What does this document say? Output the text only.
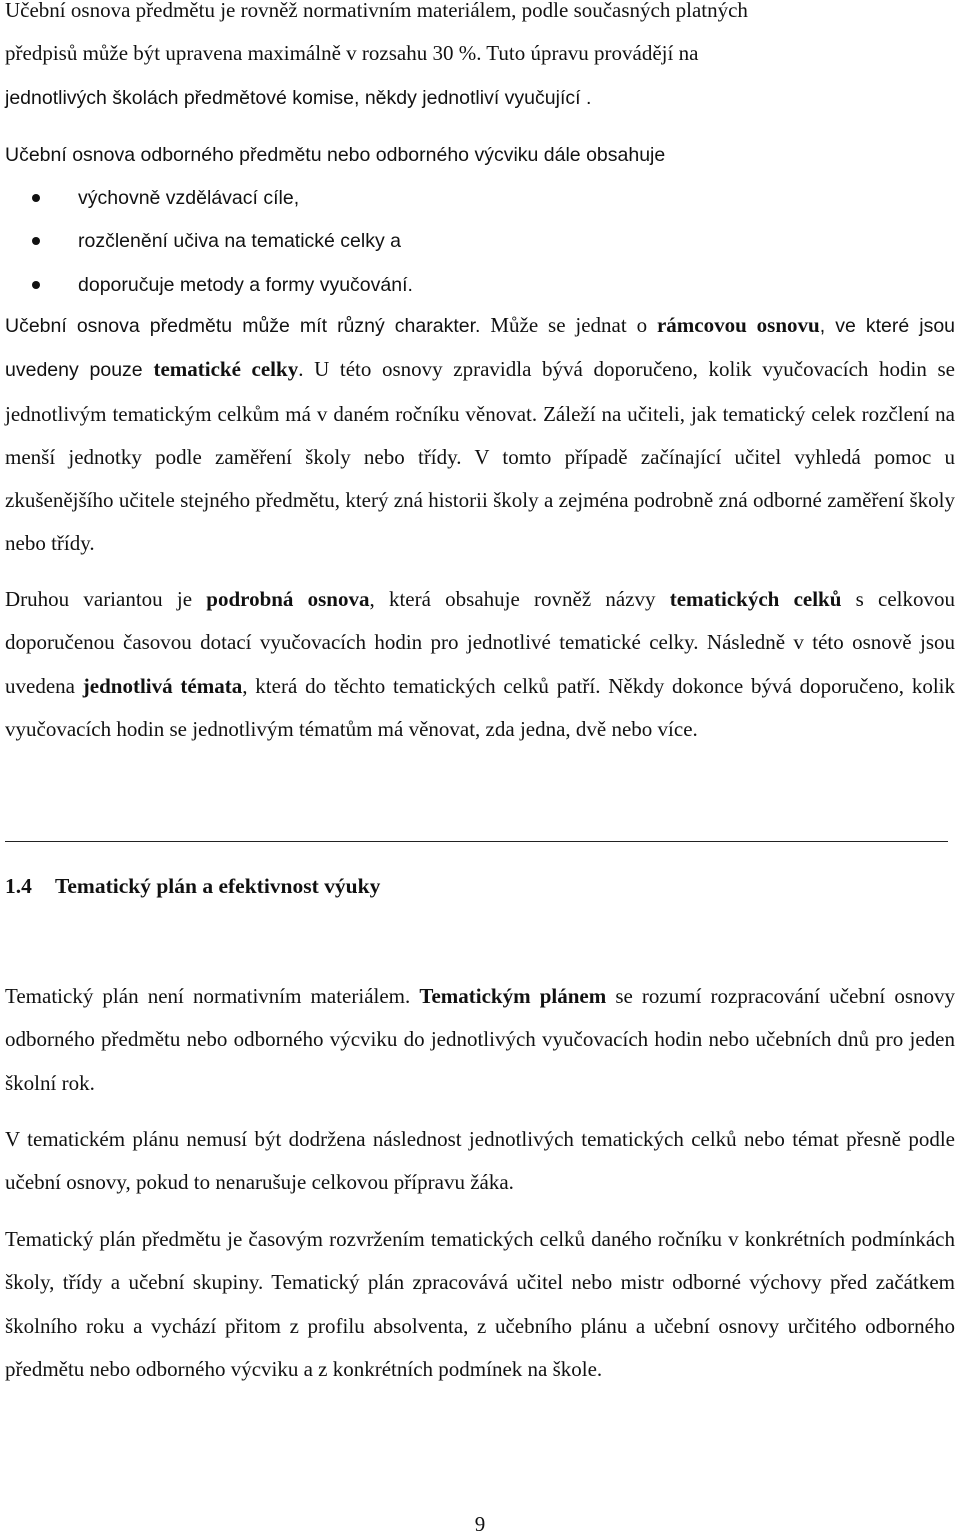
Učební osnova předmětu je rovněž normativním materiálem, podle současných platných
předpisů může být upravena maximálně v rozsahu 30 %. Tuto úpravu provádějí na
jednotlivých školách předmětové komise, někdy jednotliví vyučující .

Učební osnova odborného předmětu nebo odborného výcviku dále obsahuje

výchovně vzdělávací cíle,
rozčlenění učiva na tematické celky a
doporučuje metody a formy vyučování.

Učební osnova předmětu může mít různý charakter. Může se jednat o rámcovou osnovu, ve které jsou uvedeny pouze tematické celky. U této osnovy zpravidla bývá doporučeno, kolik vyučovacích hodin se jednotlivým tematickým celkům má v daném ročníku věnovat. Záleží na učiteli, jak tematický celek rozčlení na menší jednotky podle zaměření školy nebo třídy. V tomto případě začínající učitel vyhledá pomoc u zkušenějšího učitele stejného předmětu, který zná historii školy a zejména podrobně zná odborné zaměření školy nebo třídy.

Druhou variantou je podrobná osnova, která obsahuje rovněž názvy tematických celků s celkovou doporučenou časovou dotací vyučovacích hodin pro jednotlivé tematické celky. Následně v této osnově jsou uvedena jednotlivá témata, která do těchto tematických celků patří. Někdy dokonce bývá doporučeno, kolik vyučovacích hodin se jednotlivým tématům má věnovat, zda jedna, dvě nebo více.

1.4 Tematický plán a efektivnost výuky

Tematický plán není normativním materiálem. Tematickým plánem se rozumí rozpracování učební osnovy odborného předmětu nebo odborného výcviku do jednotlivých vyučovacích hodin nebo učebních dnů pro jeden školní rok.

V tematickém plánu nemusí být dodržena následnost jednotlivých tematických celků nebo témat přesně podle učební osnovy, pokud to nenarušuje celkovou přípravu žáka.

Tematický plán předmětu je časovým rozvržením tematických celků daného ročníku v konkrétních podmínkách školy, třídy a učební skupiny. Tematický plán zpracovává učitel nebo mistr odborné výchovy před začátkem školního roku a vychází přitom z profilu absolventa, z učebního plánu a učební osnovy určitého odborného předmětu nebo odborného výcviku a z konkrétních podmínek na škole.

9
